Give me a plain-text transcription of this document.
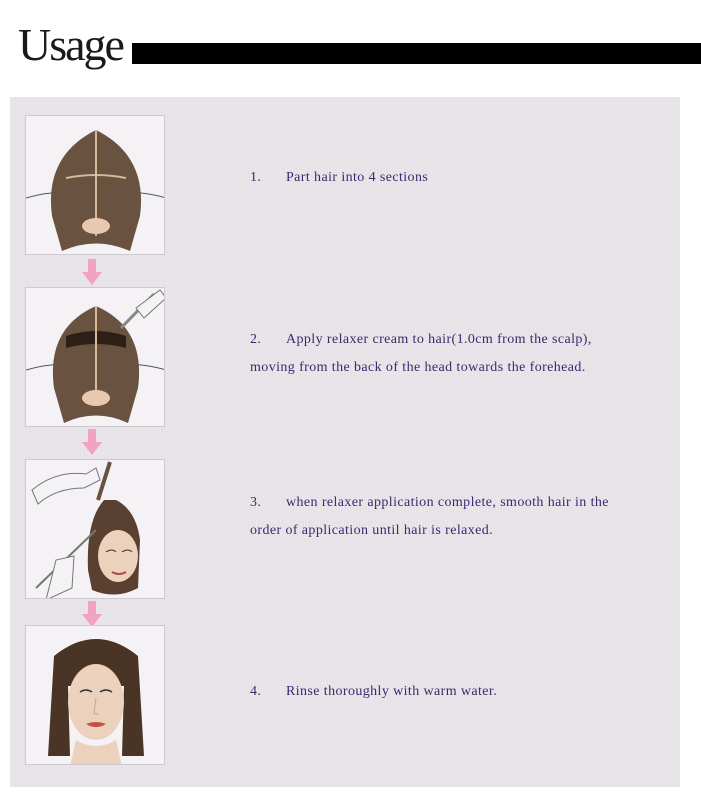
Usage
1. Part hair into 4 sections
2. Apply relaxer cream to hair(1.0cm from the scalp),
moving from the back of the head towards the forehead.
3. when relaxer application complete, smooth hair in the
order of application until hair is relaxed.
4. Rinse thoroughly with warm water.
